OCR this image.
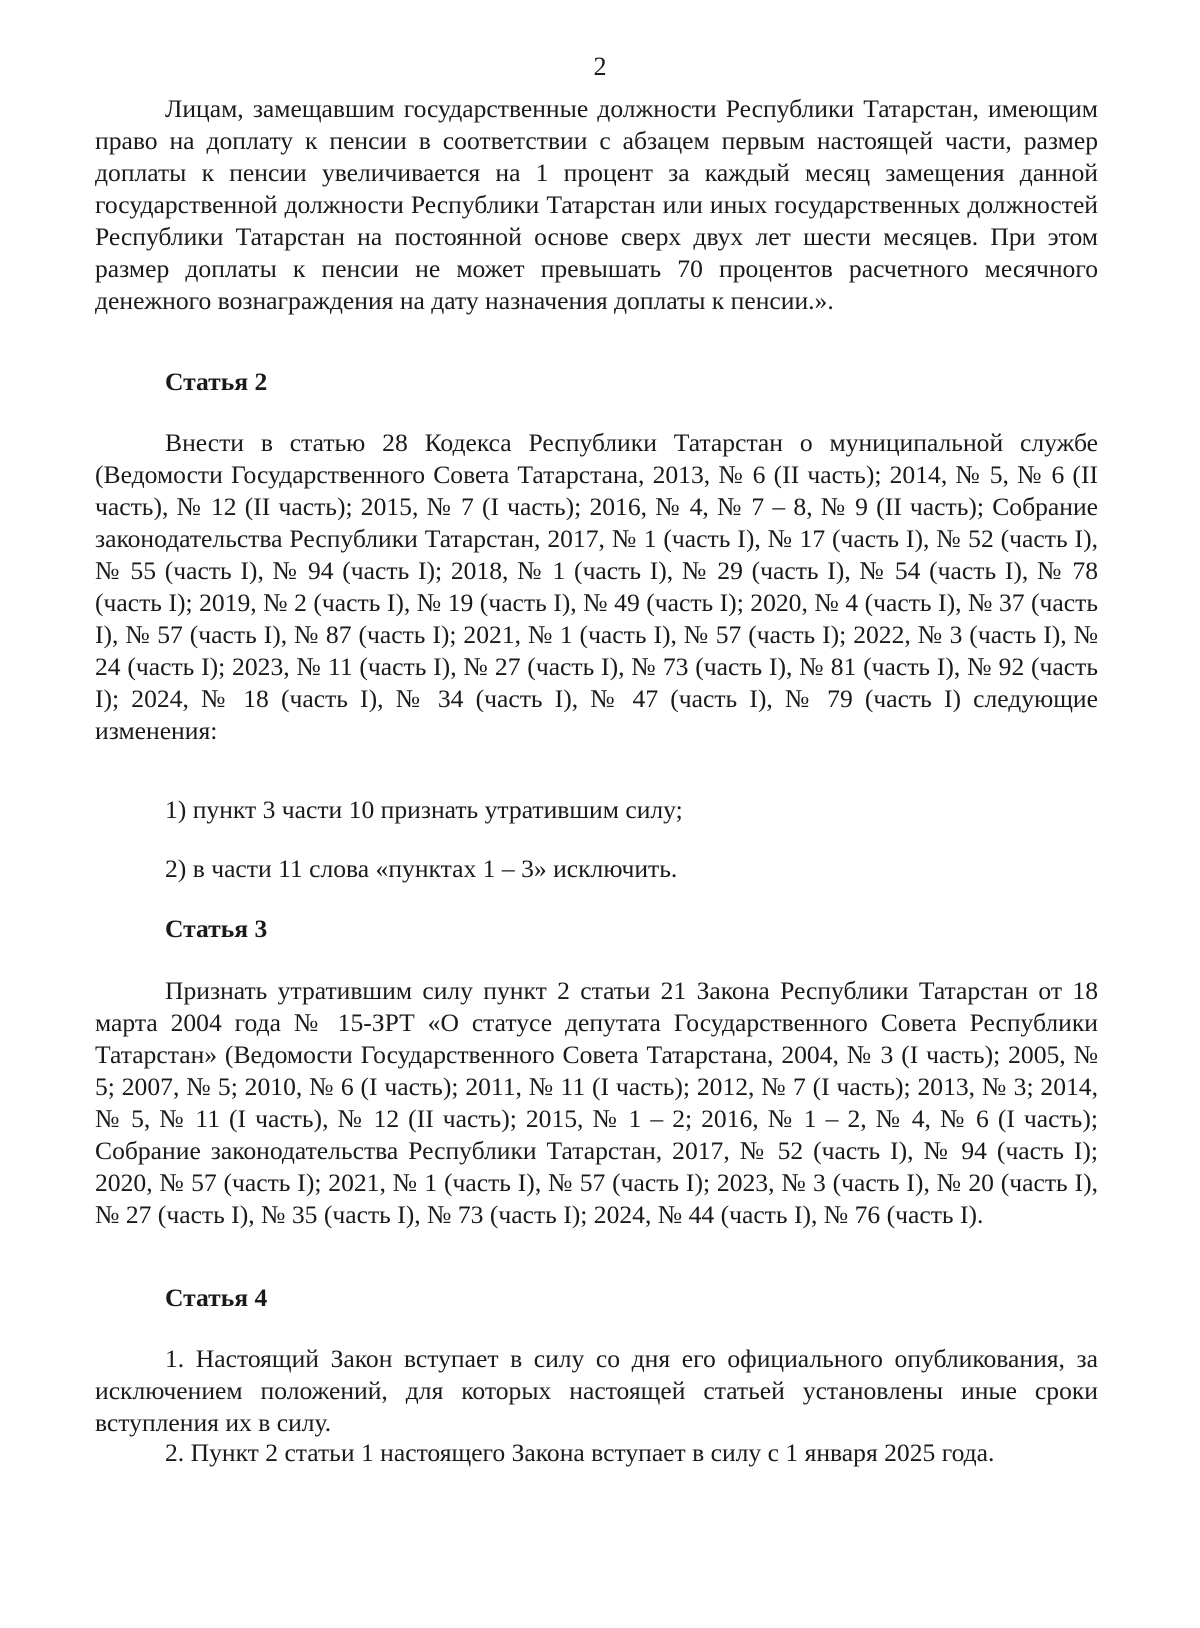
2

Лицам, замещавшим государственные должности Республики Татарстан, имеющим право на доплату к пенсии в соответствии с абзацем первым настоящей части, размер доплаты к пенсии увеличивается на 1 процент за каждый месяц замещения данной государственной должности Республики Татарстан или иных государственных должностей Республики Татарстан на постоянной основе сверх двух лет шести месяцев. При этом размер доплаты к пенсии не может превышать 70 процентов расчетного месячного денежного вознаграждения на дату назначения доплаты к пенсии.».

Статья 2

Внести в статью 28 Кодекса Республики Татарстан о муниципальной службе (Ведомости Государственного Совета Татарстана, 2013, № 6 (II часть); 2014, № 5, № 6 (II часть), № 12 (II часть); 2015, № 7 (I часть); 2016, № 4, № 7 – 8, № 9 (II часть); Собрание законодательства Республики Татарстан, 2017, № 1 (часть I), № 17 (часть I), № 52 (часть I), № 55 (часть I), № 94 (часть I); 2018, № 1 (часть I), № 29 (часть I), № 54 (часть I), № 78 (часть I); 2019, № 2 (часть I), № 19 (часть I), № 49 (часть I); 2020, № 4 (часть I), № 37 (часть I), № 57 (часть I), № 87 (часть I); 2021, № 1 (часть I), № 57 (часть I); 2022, № 3 (часть I), № 24 (часть I); 2023, № 11 (часть I), № 27 (часть I), № 73 (часть I), № 81 (часть I), № 92 (часть I); 2024, № 18 (часть I), № 34 (часть I), № 47 (часть I), № 79 (часть I) следующие изменения:

1) пункт 3 части 10 признать утратившим силу;
2) в части 11 слова «пунктах 1 – 3» исключить.
Статья 3

Признать утратившим силу пункт 2 статьи 21 Закона Республики Татарстан от 18 марта 2004 года № 15-ЗРТ «О статусе депутата Государственного Совета Республики Татарстан» (Ведомости Государственного Совета Татарстана, 2004, № 3 (I часть); 2005, № 5; 2007, № 5; 2010, № 6 (I часть); 2011, № 11 (I часть); 2012, № 7 (I часть); 2013, № 3; 2014, № 5, № 11 (I часть), № 12 (II часть); 2015, № 1 – 2; 2016, № 1 – 2, № 4, № 6 (I часть); Собрание законодательства Республики Татарстан, 2017, № 52 (часть I), № 94 (часть I); 2020, № 57 (часть I); 2021, № 1 (часть I), № 57 (часть I); 2023, № 3 (часть I), № 20 (часть I), № 27 (часть I), № 35 (часть I), № 73 (часть I); 2024, № 44 (часть I), № 76 (часть I).

Статья 4

1. Настоящий Закон вступает в силу со дня его официального опубликования, за исключением положений, для которых настоящей статьей установлены иные сроки вступления их в силу.

2. Пункт 2 статьи 1 настоящего Закона вступает в силу с 1 января 2025 года.
